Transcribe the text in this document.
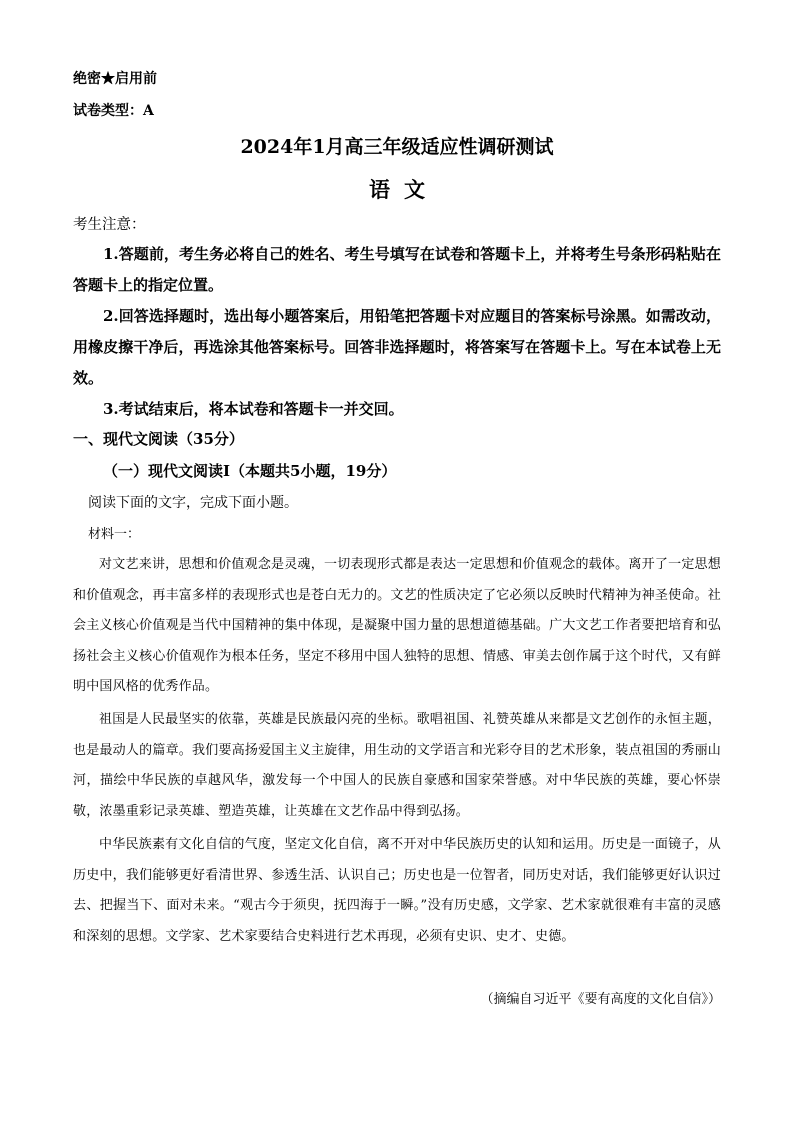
绝密★启用前
试卷类型：A
2024年1月高三年级适应性调研测试
语文
考生注意：
1.答题前，考生务必将自己的姓名、考生号填写在试卷和答题卡上，并将考生号条形码粘贴在答题卡上的指定位置。
2.回答选择题时，选出每小题答案后，用铅笔把答题卡对应题目的答案标号涂黑。如需改动，用橡皮擦干净后，再选涂其他答案标号。回答非选择题时，将答案写在答题卡上。写在本试卷上无效。
3.考试结束后，将本试卷和答题卡一并交回。
一、现代文阅读（35分）
（一）现代文阅读Ⅰ（本题共5小题，19分）
阅读下面的文字，完成下面小题。
材料一：
对文艺来讲，思想和价值观念是灵魂，一切表现形式都是表达一定思想和价值观念的载体。离开了一定思想和价值观念，再丰富多样的表现形式也是苍白无力的。文艺的性质决定了它必须以反映时代精神为神圣使命。社会主义核心价值观是当代中国精神的集中体现，是凝聚中国力量的思想道德基础。广大文艺工作者要把培育和弘扬社会主义核心价值观作为根本任务，坚定不移用中国人独特的思想、情感、审美去创作属于这个时代，又有鲜明中国风格的优秀作品。
祖国是人民最坚实的依靠，英雄是民族最闪亮的坐标。歌唱祖国、礼赞英雄从来都是文艺创作的永恒主题，也是最动人的篇章。我们要高扬爱国主义主旋律，用生动的文学语言和光彩夺目的艺术形象，装点祖国的秀丽山河，描绘中华民族的卓越风华，激发每一个中国人的民族自豪感和国家荣誉感。对中华民族的英雄，要心怀崇敬，浓墨重彩记录英雄、塑造英雄，让英雄在文艺作品中得到弘扬。
中华民族素有文化自信的气度，坚定文化自信，离不开对中华民族历史的认知和运用。历史是一面镜子，从历史中，我们能够更好看清世界、参透生活、认识自己；历史也是一位智者，同历史对话，我们能够更好认识过去、把握当下、面对未来。“观古今于须臾，抚四海于一瞬。”没有历史感，文学家、艺术家就很难有丰富的灵感和深刻的思想。文学家、艺术家要结合史料进行艺术再现，必须有史识、史才、史德。
（摘编自习近平《要有高度的文化自信》）
